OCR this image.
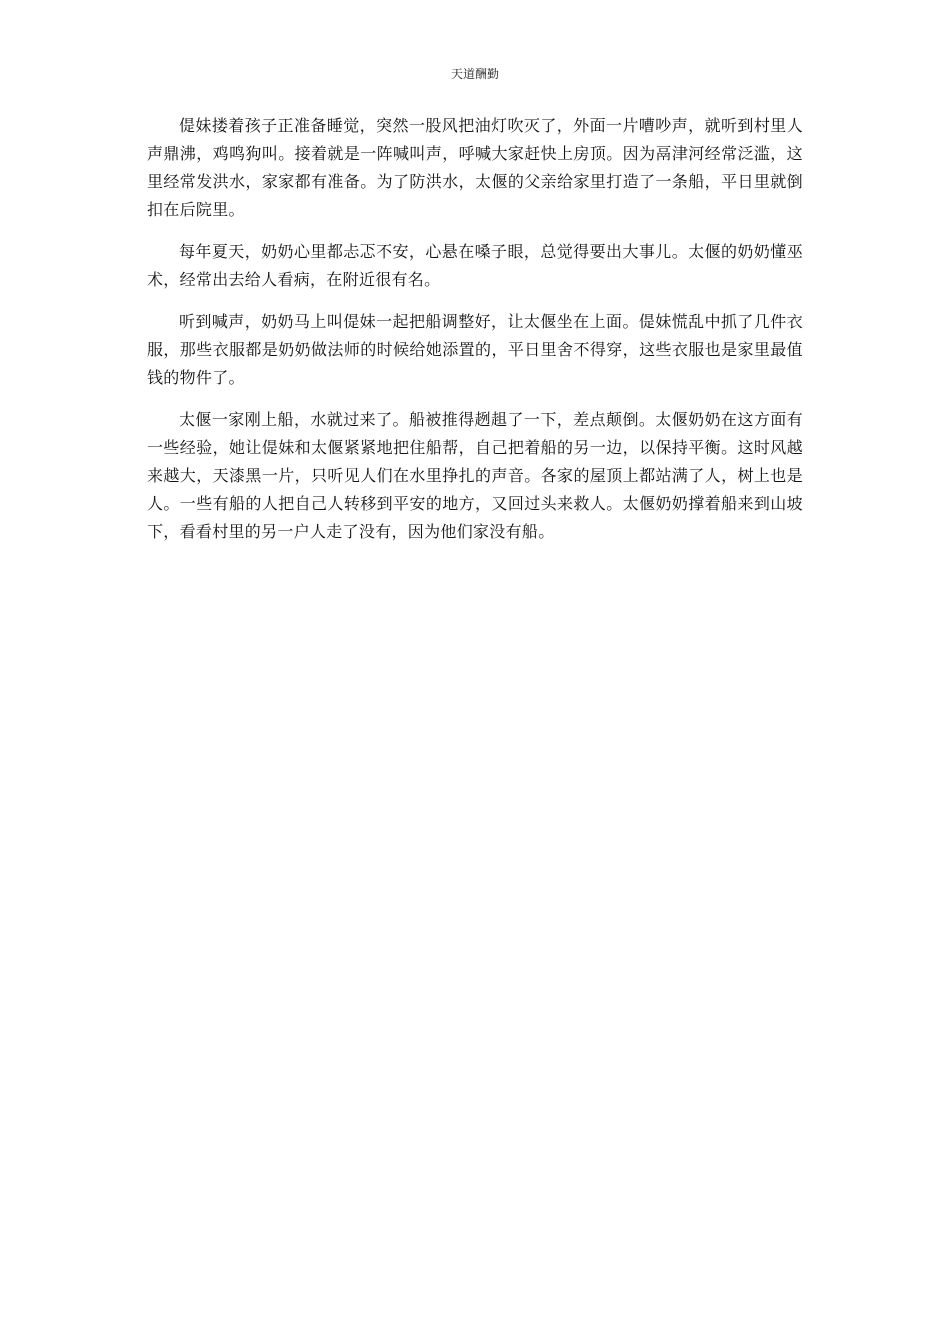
天道酬勤

偍妹搂着孩子正准备睡觉，突然一股风把油灯吹灭了，外面一片嘈吵声，就听到村里人声鼎沸，鸡鸣狗叫。接着就是一阵喊叫声，呼喊大家赶快上房顶。因为鬲津河经常泛滥，这里经常发洪水，家家都有准备。为了防洪水，太偃的父亲给家里打造了一条船，平日里就倒扣在后院里。

每年夏天，奶奶心里都忐忑不安，心悬在嗓子眼，总觉得要出大事儿。太偃的奶奶懂巫术，经常出去给人看病，在附近很有名。

听到喊声，奶奶马上叫偍妹一起把船调整好，让太偃坐在上面。偍妹慌乱中抓了几件衣服，那些衣服都是奶奶做法师的时候给她添置的，平日里舍不得穿，这些衣服也是家里最值钱的物件了。

太偃一家刚上船，水就过来了。船被推得趔趄了一下，差点颠倒。太偃奶奶在这方面有一些经验，她让偍妹和太偃紧紧地把住船帮，自己把着船的另一边，以保持平衡。这时风越来越大，天漆黑一片，只听见人们在水里挣扎的声音。各家的屋顶上都站满了人，树上也是人。一些有船的人把自己人转移到平安的地方，又回过头来救人。太偃奶奶撑着船来到山坡下，看看村里的另一户人走了没有，因为他们家没有船。
